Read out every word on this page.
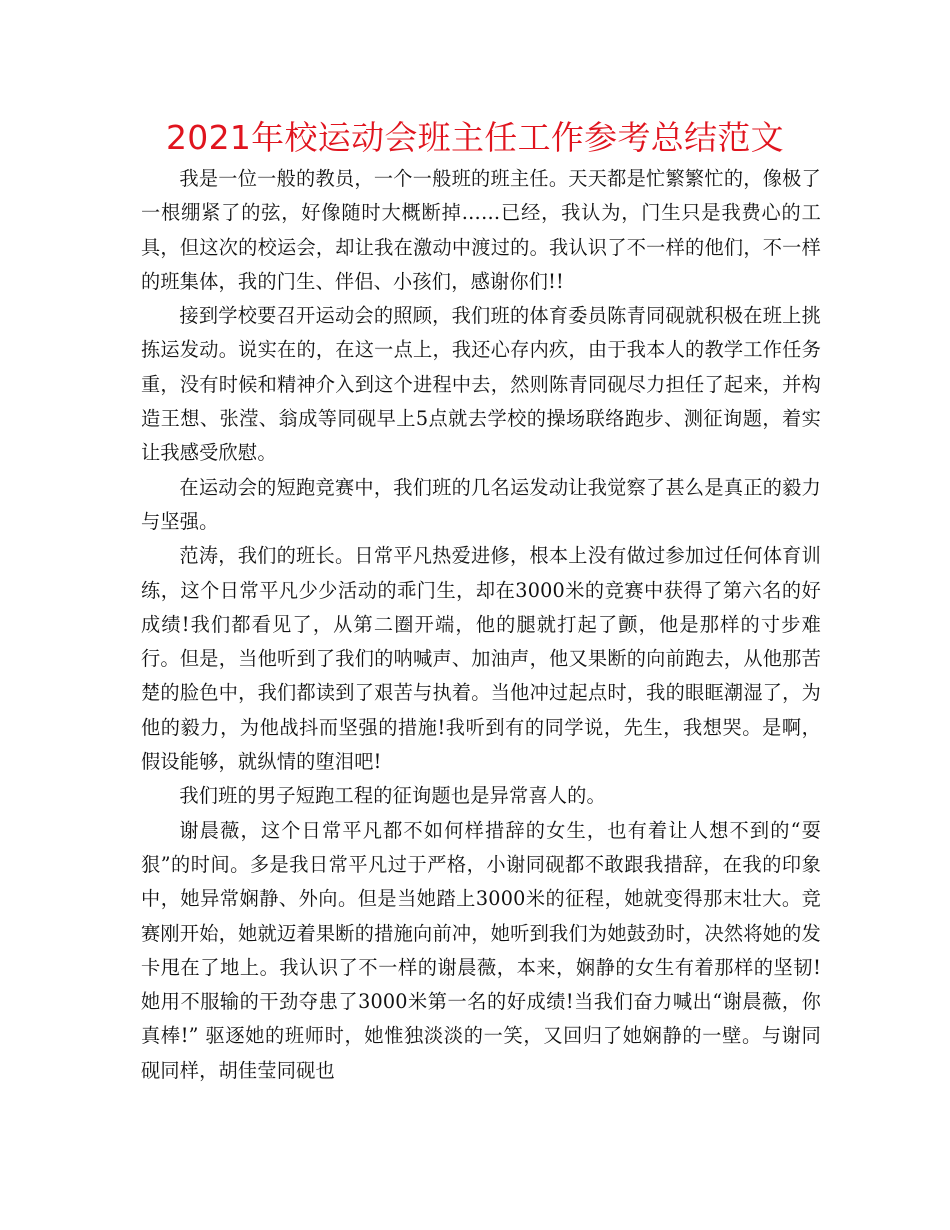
2021年校运动会班主任工作参考总结范文

我是一位一般的教员，一个一般班的班主任。天天都是忙繁繁忙的，像极了一根绷紧了的弦，好像随时大概断掉……已经，我认为，门生只是我费心的工具，但这次的校运会，却让我在激动中渡过的。我认识了不一样的他们，不一样的班集体，我的门生、伴侣、小孩们，感谢你们!!

接到学校要召开运动会的照顾，我们班的体育委员陈青同砚就积极在班上挑拣运发动。说实在的，在这一点上，我还心存内疚，由于我本人的教学工作任务重，没有时候和精神介入到这个进程中去，然则陈青同砚尽力担任了起来，并构造王想、张滢、翁成等同砚早上5点就去学校的操场联络跑步、测征询题，着实让我感受欣慰。

在运动会的短跑竞赛中，我们班的几名运发动让我觉察了甚么是真正的毅力与坚强。

范涛，我们的班长。日常平凡热爱进修，根本上没有做过参加过任何体育训练，这个日常平凡少少活动的乖门生，却在3000米的竞赛中获得了第六名的好成绩!我们都看见了，从第二圈开端，他的腿就打起了颤，他是那样的寸步难行。但是，当他听到了我们的呐喊声、加油声，他又果断的向前跑去，从他那苦楚的脸色中，我们都读到了艰苦与执着。当他冲过起点时，我的眼眶潮湿了，为他的毅力，为他战抖而坚强的措施!我听到有的同学说，先生，我想哭。是啊，假设能够，就纵情的堕泪吧!

我们班的男子短跑工程的征询题也是异常喜人的。

谢晨薇，这个日常平凡都不如何样措辞的女生，也有着让人想不到的“耍狠”的时间。多是我日常平凡过于严格，小谢同砚都不敢跟我措辞，在我的印象中，她异常娴静、外向。但是当她踏上3000米的征程，她就变得那末壮大。竞赛刚开始，她就迈着果断的措施向前冲，她听到我们为她鼓劲时，决然将她的发卡甩在了地上。我认识了不一样的谢晨薇，本来，娴静的女生有着那样的坚韧!她用不服输的干劲夺患了3000米第一名的好成绩!当我们奋力喊出“谢晨薇，你真棒!” 驱逐她的班师时，她惟独淡淡的一笑，又回归了她娴静的一壁。与谢同砚同样，胡佳莹同砚也
